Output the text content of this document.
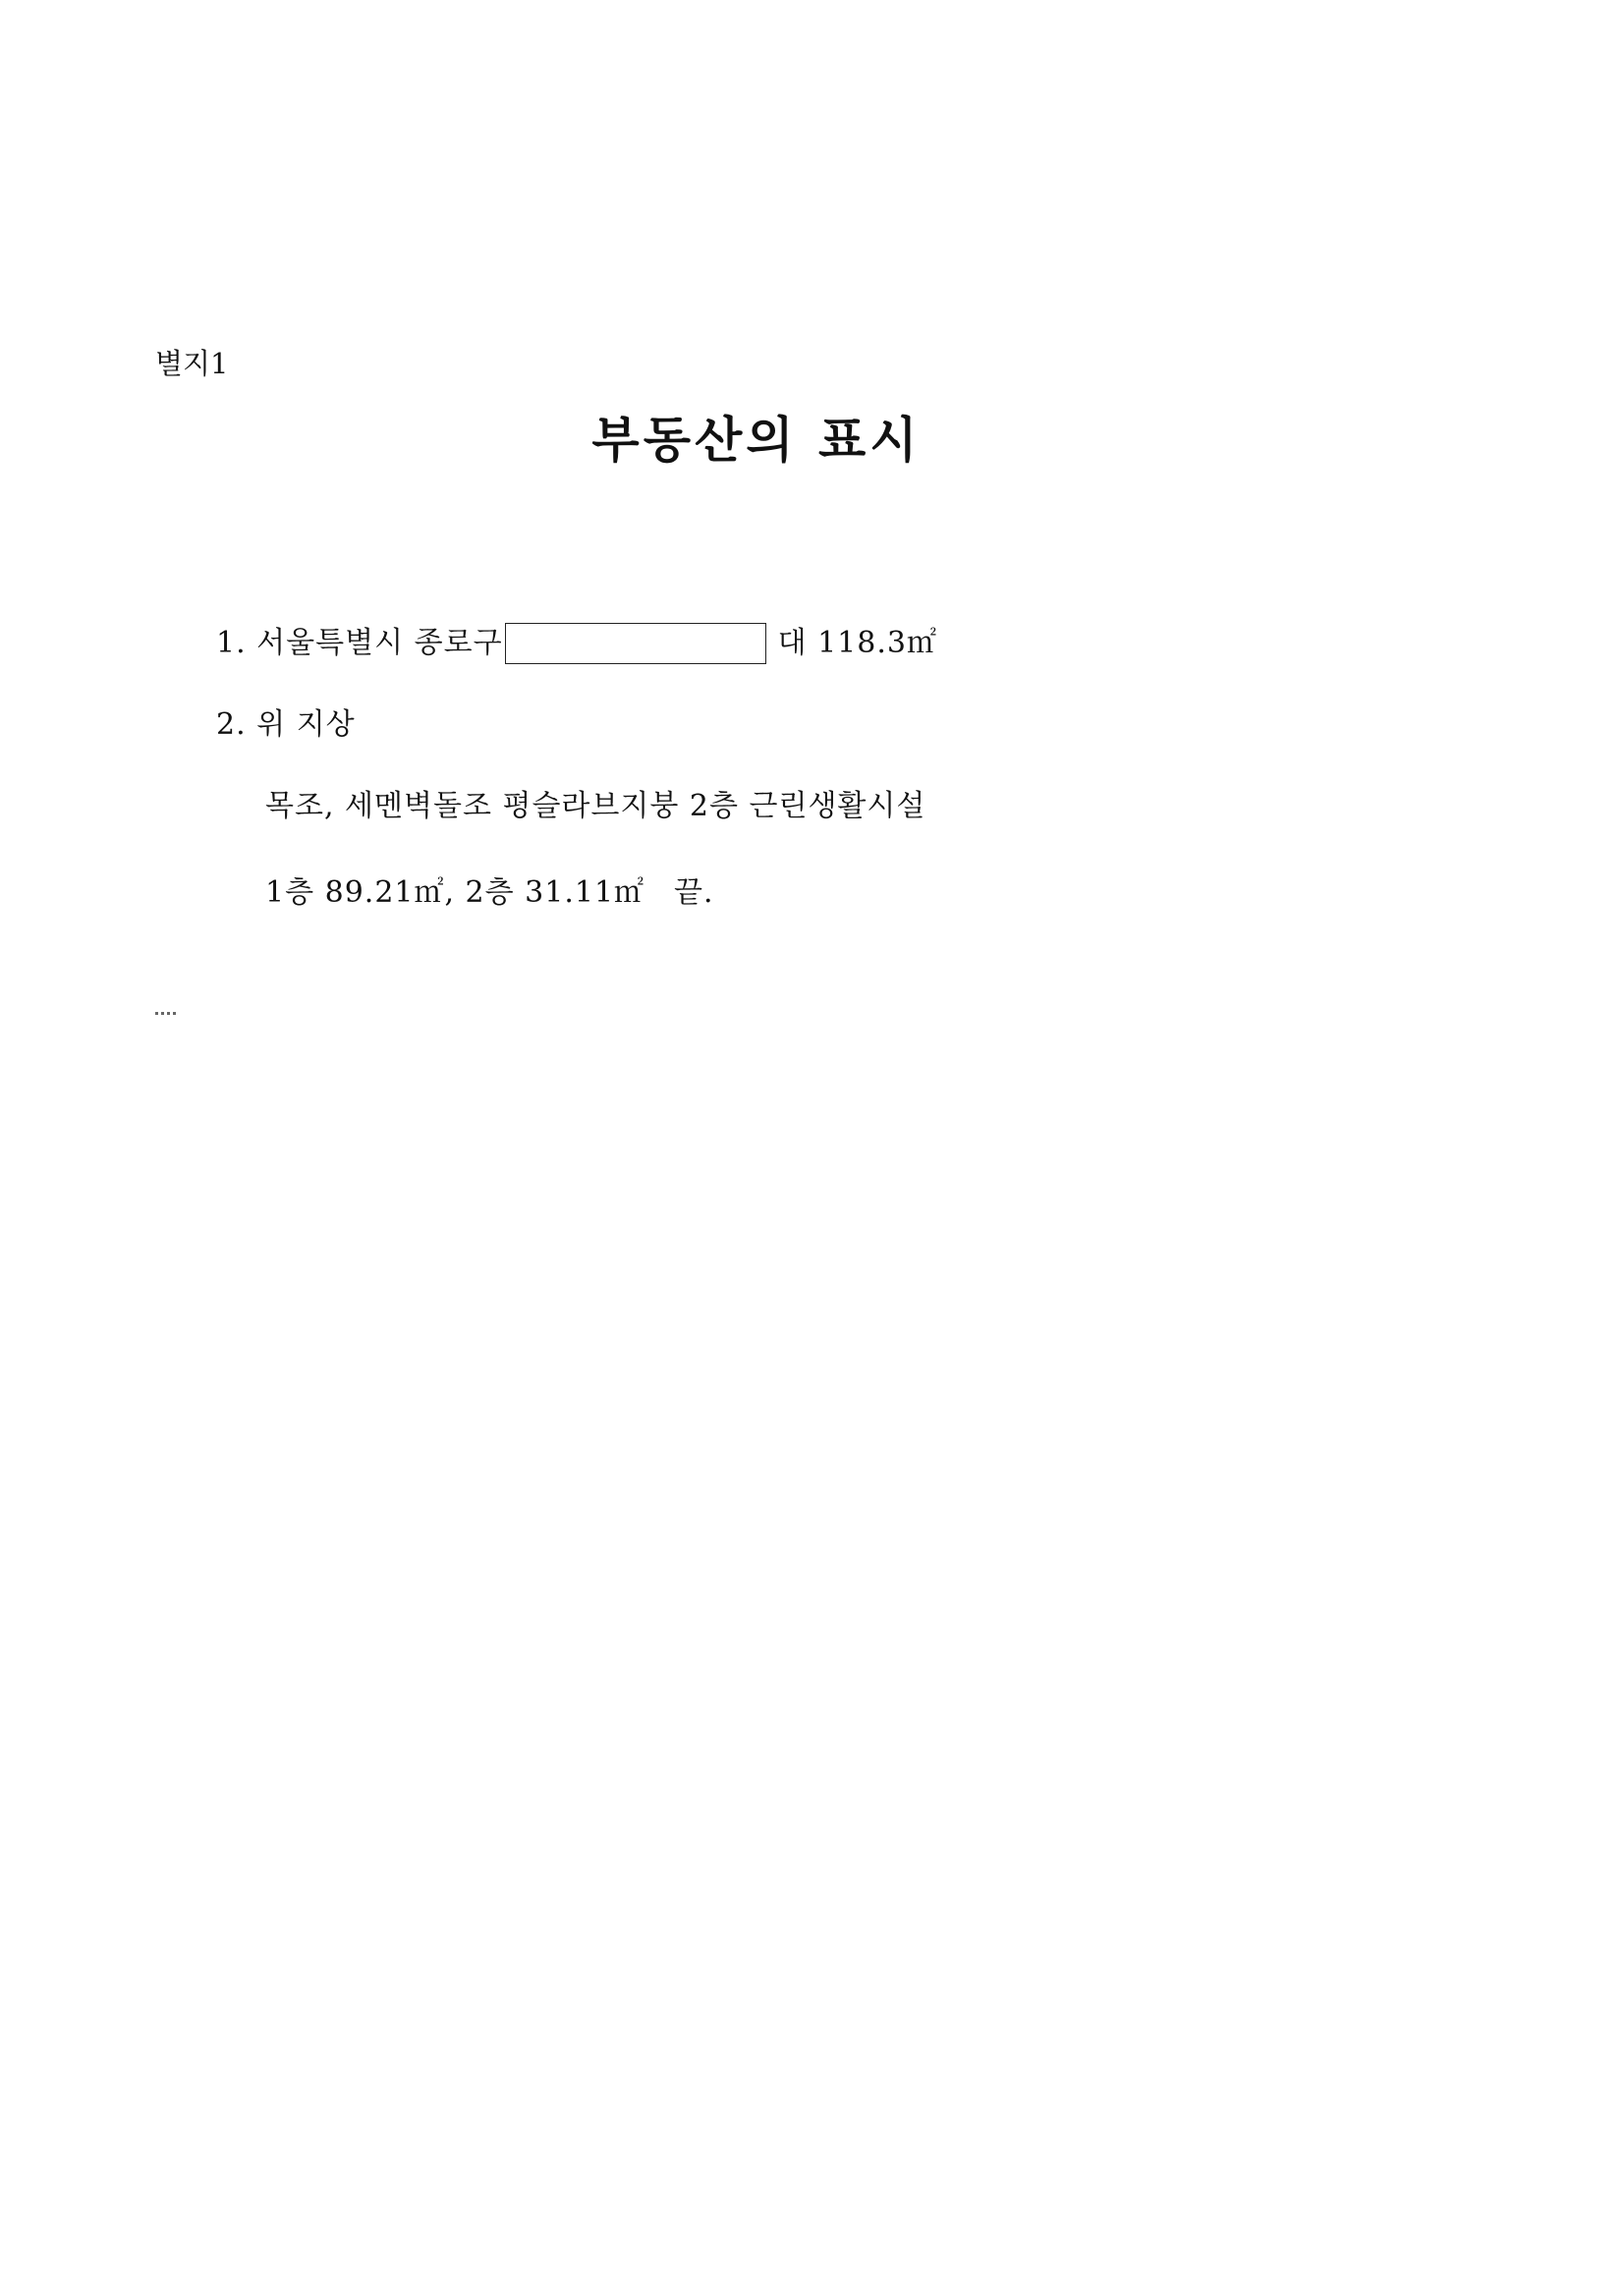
별지1
부동산의 표시
1.
서울특별시 종로구	대 118.3㎡
2. 위 지상
목조, 세멘벽돌조 평슬라브지붕 2층 근린생활시설
1층 89.21㎡, 2층 31.11㎡ 끝.
